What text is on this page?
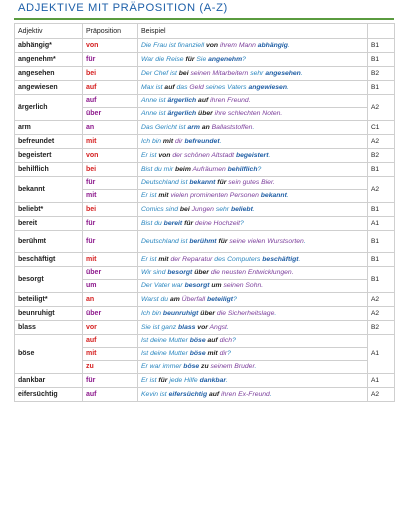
ADJEKTIVE MIT PRÄPOSITION (A-Z)
Adjektiv	Präposition	Beispiel	
abhängig*	von	Die Frau ist finanziell von ihrem Mann abhängig.	B1
angenehm*	für	War die Reise für Sie angenehm?	B1
angesehen	bei	Der Chef ist bei seinen Mitarbeitern sehr angesehen.	B2
angewiesen	auf	Max ist auf das Geld seines Vaters angewiesen.	B1
ärgerlich	auf	Anne ist ärgerlich auf ihren Freund.	A2
	über	Anne ist ärgerlich über ihre schlechten Noten.	
arm	an	Das Gericht ist arm an Ballaststoffen.	C1
befreundet	mit	Ich bin mit dir befreundet.	A2
begeistert	von	Er ist von der schönen Altstadt begeistert.	B2
behilflich	bei	Bist du mir beim Aufräumen behilflich?	B1
bekannt	für	Deutschland ist bekannt für sein gutes Bier.	A2
	mit	Er ist mit vielen prominenten Personen bekannt.	
beliebt*	bei	Comics sind bei Jungen sehr beliebt.	B1
bereit	für	Bist du bereit für deine Hochzeit?	A1
berühmt	für	Deutschland ist berühmt für seine vielen Wurstsorten.	B1
beschäftigt	mit	Er ist mit der Reparatur des Computers beschäftigt.	B1
besorgt	über	Wir sind besorgt über die neusten Entwicklungen.	B1
	um	Der Vater war besorgt um seinen Sohn.	
beteiligt*	an	Warst du am Überfall beteiligt?	A2
beunruhigt	über	Ich bin beunruhigt über die Sicherheitslage.	A2
blass	vor	Sie ist ganz blass vor Angst.	B2
böse	auf	Ist deine Mutter böse auf dich?	A1
	mit	Ist deine Mutter böse mit dir?	
	zu	Er war immer böse zu seinem Bruder.	
dankbar	für	Er ist für jede Hilfe dankbar.	A1
eifersüchtig	auf	Kevin ist eifersüchtig auf ihren Ex-Freund.	A2
